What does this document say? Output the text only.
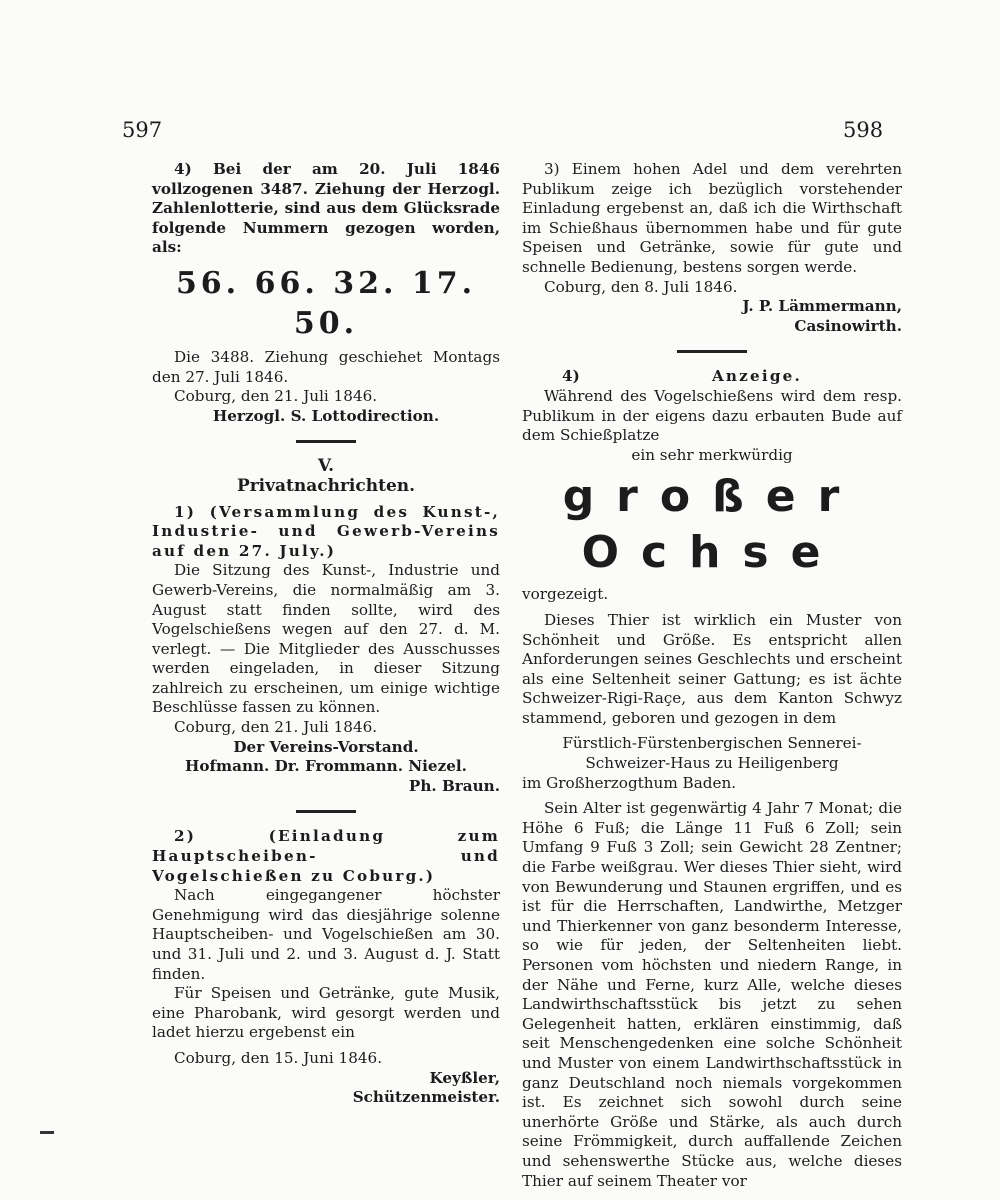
597	598

4) Bei der am 20. Juli 1846 vollzogenen 3487. Ziehung der Herzogl. Zahlenlotterie, sind aus dem Glücksrade folgende Nummern gezogen worden, als:

56. 66. 32. 17. 50.

Die 3488. Ziehung geschiehet Montags den 27. Juli 1846.

Coburg, den 21. Juli 1846.

Herzogl. S. Lottodirection.

V.

Privatnachrichten.

1) (Versammlung des Kunst-, Industrie- und Gewerb-Vereins auf den 27. July.)

Die Sitzung des Kunst-, Industrie und Gewerb-Vereins, die normalmäßig am 3. August statt finden sollte, wird des Vogelschießens wegen auf den 27. d. M. verlegt. — Die Mitglieder des Ausschusses werden eingeladen, in dieser Sitzung zahlreich zu erscheinen, um einige wichtige Beschlüsse fassen zu können.

Coburg, den 21. Juli 1846.

Der Vereins-Vorstand.

Hofmann. Dr. Frommann. Niezel.

Ph. Braun.

2) (Einladung zum Hauptscheiben- und Vogelschießen zu Coburg.)

Nach eingegangener höchster Genehmigung wird das diesjährige solenne Hauptscheiben- und Vogelschießen am 30. und 31. Juli und 2. und 3. August d. J. Statt finden.

Für Speisen und Getränke, gute Musik, eine Pharobank, wird gesorgt werden und ladet hierzu ergebenst ein

Coburg, den 15. Juni 1846.

Keyßler,

Schützenmeister.

3) Einem hohen Adel und dem verehrten Publikum zeige ich bezüglich vorstehender Einladung ergebenst an, daß ich die Wirthschaft im Schießhaus übernommen habe und für gute Speisen und Getränke, sowie für gute und schnelle Bedienung, bestens sorgen werde.

Coburg, den 8. Juli 1846.

J. P. Lämmermann,

Casinowirth.

4)	Anzeige.

Während des Vogelschießens wird dem resp. Publikum in der eigens dazu erbauten Bude auf dem Schießplatze

ein sehr merkwürdig

großer Ochse

vorgezeigt.

Dieses Thier ist wirklich ein Muster von Schönheit und Größe. Es entspricht allen Anforderungen seines Geschlechts und erscheint als eine Seltenheit seiner Gattung; es ist ächte Schweizer-Rigi-Raçe, aus dem Kanton Schwyz stammend, geboren und gezogen in dem

Fürstlich-Fürstenbergischen Sennerei-

Schweizer-Haus zu Heiligenberg

im Großherzogthum Baden.

Sein Alter ist gegenwärtig 4 Jahr 7 Monat; die Höhe 6 Fuß; die Länge 11 Fuß 6 Zoll; sein Umfang 9 Fuß 3 Zoll; sein Gewicht 28 Zentner; die Farbe weißgrau. Wer dieses Thier sieht, wird von Bewunderung und Staunen ergriffen, und es ist für die Herrschaften, Landwirthe, Metzger und Thierkenner von ganz besonderm Interesse, so wie für jeden, der Seltenheiten liebt. Personen vom höchsten und niedern Range, in der Nähe und Ferne, kurz Alle, welche dieses Landwirthschaftsstück bis jetzt zu sehen Gelegenheit hatten, erklären einstimmig, daß seit Menschengedenken eine solche Schönheit und Muster von einem Landwirthschaftsstück in ganz Deutschland noch niemals vorgekommen ist. Es zeichnet sich sowohl durch seine unerhörte Größe und Stärke, als auch durch seine Frömmigkeit, durch auffallende Zeichen und sehenswerthe Stücke aus, welche dieses Thier auf seinem Theater vor
